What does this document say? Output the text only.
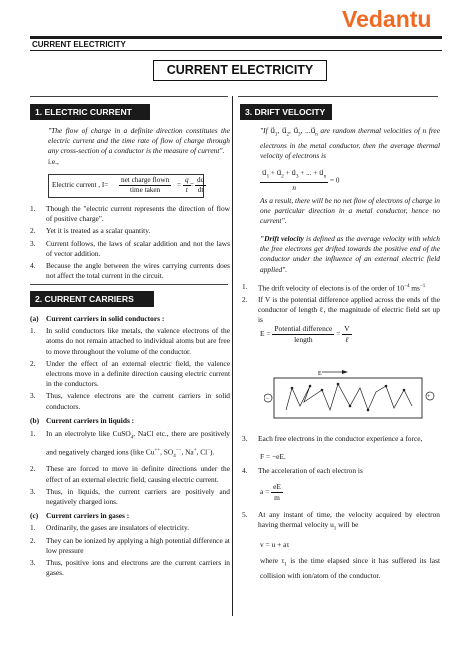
Vedantu
CURRENT ELECTRICITY
CURRENT ELECTRICITY
1. ELECTRIC CURRENT
"The flow of charge in a definite direction constitutes the electric current and the time rate of flow of charge through any cross-section of a conductor is the measure of current".
i.e.,
Electric current , I=
net charge flown
time taken
= $\frac{q}{t} = \frac{dq}{dt}$
1. Though the "electric current represents the direction of flow of positive charge".
2. Yet it is treated as a scalar quantity.
3. Current follows, the laws of scalar addition and not the laws of vector addition.
4. Because the angle between the wires carrying currents does not affect the total current in the circuit.
2. CURRENT CARRIERS
(a) Current carriers in solid conductors :
1. In solid conductors like metals, the valence electrons of the atoms do not remain attached to individual atoms but are free to move throughout the volume of the conductor.
2. Under the effect of an external electric field, the valence electrons move in a definite direction causing electric current in the conductors.
3. Thus, valence electrons are the current carriers in solid conductors.
(b) Current carriers in liquids :
1. In an electrolyte like CuSO$_4$, NaCl etc., there are positively and negatively charged ions (like Cu++, $SO_4^{--}$, Na+, Cl−).
2. These are forced to move in definite directions under the effect of an external electric field, causing electric current.
3. Thus, in liquids, the current carriers are positively and negatively charged ions.
(c) Current carriers in gases :
1. Ordinarily, the gases are insulators of electricity.
2. They can be ionized by applying a high potential difference at low pressure
3. Thus, positive ions and electrons are the current carriers in gases.
3. DRIFT VELOCITY
"If $u⃗_1$, $u⃗_2$, $u⃗_3$, $...u⃗_n$ are random thermal velocities of n free electrons in the metal conductor, then the average thermal velocity of electrons is
$\frac{u⃗_1 + u⃗_2 + u⃗_3 + ... + u⃗_n}{n} = 0$
As a result, there will be no net flow of electrons of charge in one particular direction in a metal conductor, hence no current".
"Drift velocity is defined as the average velocity with which the free electrons get drifted towards the positive end of the conductor under the influence of an external electric field applied".
1. The drift velocity of electons is of the order of $10^{-4}$ $ms^{-1}$
2. If V is the potential difference applied across the ends of the conductor of length ℓ, the magnitude of electric field set up is
$E = \frac{\text{Potential difference}}{\text{length}} = \frac{V}{\text{ℓ}}$
E
−	+
3. Each free electrons in the conductor experience a force,
F = −eE.
4. The acceleration of each electron is
$a = \frac{eE}{m}$
5. At any instant of time, the velocity acquired by electron having thermal velocity $u_1$ will be
v = u + aτ
where $\tau_1$ is the time elapsed since it has suffered its last collision with ion/atom of the conductor.
